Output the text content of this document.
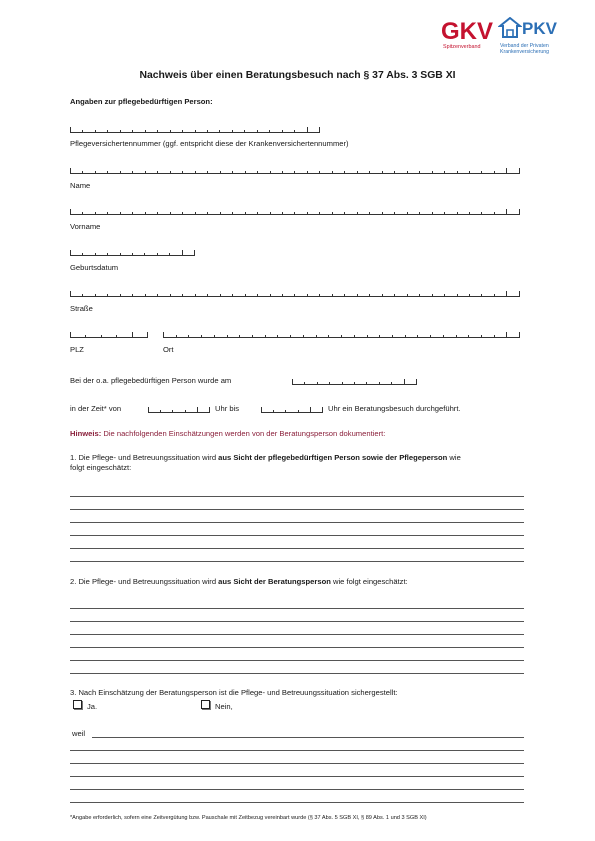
GKV
Spitzenverband
PKV
Verband der Privaten
Krankenversicherung
Nachweis über einen Beratungsbesuch nach § 37 Abs. 3 SGB XI
Angaben zur pflegebedürftigen Person:
Pflegeversichertennummer (ggf. entspricht diese der Krankenversichertennummer)
Name
Vorname
Geburtsdatum
Straße
PLZ	Ort
Bei der o.a. pflegebedürftigen Person wurde am
in der Zeit* von	Uhr bis	Uhr ein Beratungsbesuch durchgeführt.
Hinweis: Die nachfolgenden Einschätzungen werden von der Beratungsperson dokumentiert:
1. Die Pflege- und Betreuungssituation wird aus Sicht der pflegebedürftigen Person sowie der Pflegeperson wie
folgt eingeschätzt:
2. Die Pflege- und Betreuungssituation wird aus Sicht der Beratungsperson wie folgt eingeschätzt:
3. Nach Einschätzung der Beratungsperson ist die Pflege- und Betreuungssituation sichergestellt:
Ja.	Nein,
weil
*Angabe erforderlich, sofern eine Zeitvergütung bzw. Pauschale mit Zeitbezug vereinbart wurde (§ 37 Abs. 5 SGB XI, § 89 Abs. 1 und 3 SGB XI)
